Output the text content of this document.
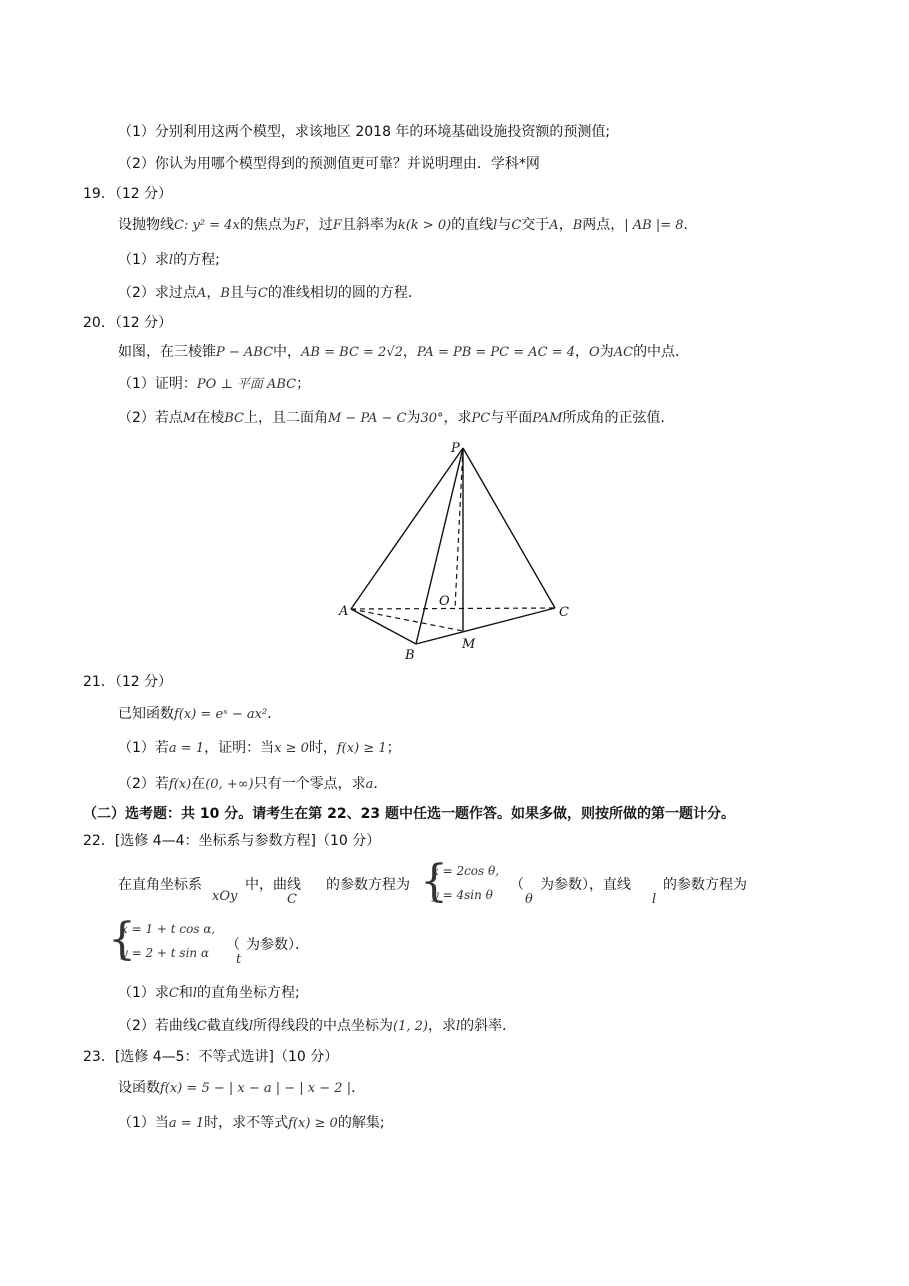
（1）分别利用这两个模型，求该地区 2018 年的环境基础设施投资额的预测值;
（2）你认为用哪个模型得到的预测值更可靠？并说明理由．学科*网
19．（12 分）
设抛物线C: y² = 4x的焦点为F，过F且斜率为k(k > 0)的直线l与C交于A，B两点，| AB |= 8．
（1）求l的方程;
（2）求过点A，B且与C的准线相切的圆的方程．
20．（12 分）
如图，在三棱锥P − ABC中，AB = BC = 2√2，PA = PB = PC = AC = 4，O为AC的中点．
（1）证明：PO ⊥ 平面 ABC；
（2）若点M在棱BC上，且二面角M − PA − C为30°，求PC与平面PAM所成角的正弦值．
P
A
B
C
O
M
21．（12 分）
已知函数f(x) = eˣ − ax²．
（1）若a = 1，证明：当x ≥ 0时，f(x) ≥ 1；
（2）若f(x)在(0, +∞)只有一个零点，求a．
（二）选考题：共 10 分。请考生在第 22、23 题中任选一题作答。如果多做，则按所做的第一题计分。
22．[选修 4—4：坐标系与参数方程]（10 分）
在直角坐标系
xOy
中，曲线
C
的参数方程为 {
x = 2cos θ,
y = 4sin θ
（
θ
为参数），直线
l
的参数方程为
{
x = 1 + t cos α,
y = 2 + t sin α （
t
为参数）．
（1）求C和l的直角坐标方程;
（2）若曲线C截直线l所得线段的中点坐标为(1, 2)，求l的斜率．
23．[选修 4—5：不等式选讲]（10 分）
设函数f(x) = 5 − | x − a | − | x − 2 |．
（1）当a = 1时，求不等式f(x) ≥ 0的解集;
